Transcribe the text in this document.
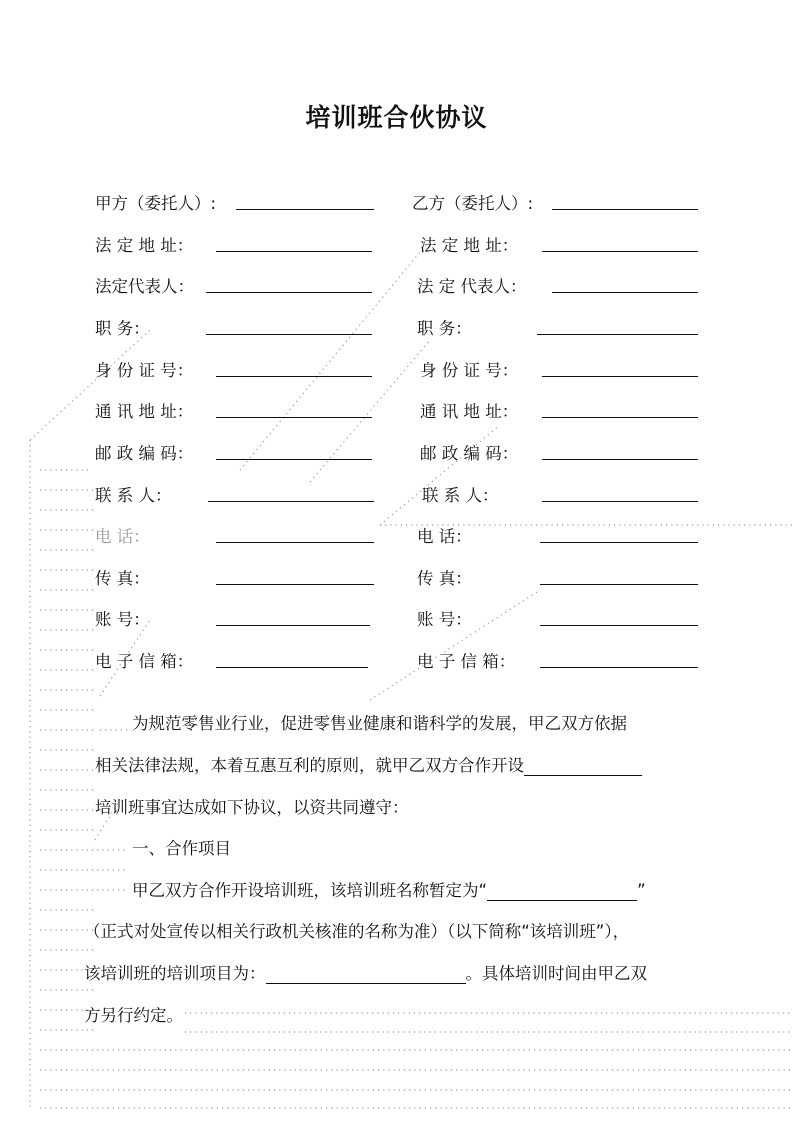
培训班合伙协议
甲方（委托人）:
法 定 地 址：
法定代表人：
职 务：
身 份 证 号：
通 讯 地 址：
邮 政 编 码：
联 系 人：
电 话：
传 真：
账 号：
电 子 信 箱：
乙方（委托人）:
法 定 地 址：
法 定 代表人：
职 务：
身 份 证 号：
通 讯 地 址：
邮 政 编 码：
联 系 人：
电 话：
传 真：
账 号：
电 子 信 箱：
为规范零售业行业，促进零售业健康和谐科学的发展，甲乙双方依据
相关法律法规，本着互惠互利的原则，就甲乙双方合作开设
培训班事宜达成如下协议，以资共同遵守：
一、合作项目
甲乙双方合作开设培训班，该培训班名称暂定为“	”
（正式对处宣传以相关行政机关核准的名称为准）（以下简称“该培训班”），
该培训班的培训项目为：	。具体培训时间由甲乙双
方另行约定。
